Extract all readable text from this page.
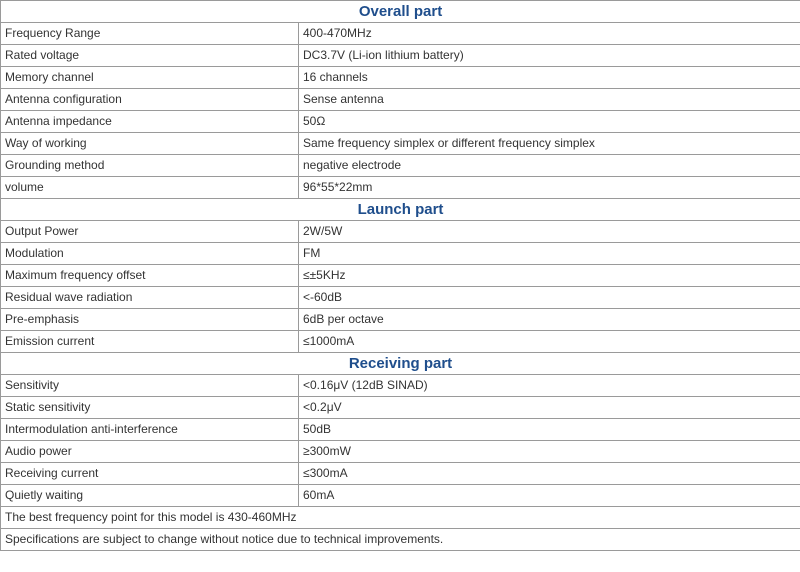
Overall part	
Frequency Range	400-470MHz
Rated voltage	DC3.7V (Li-ion lithium battery)
Memory channel	16 channels
Antenna configuration	Sense antenna
Antenna impedance	50Ω
Way of working	Same frequency simplex or different frequency simplex
Grounding method	negative electrode
volume	96*55*22mm
Launch part	
Output Power	2W/5W
Modulation	FM
Maximum frequency offset	≤±5KHz
Residual wave radiation	<-60dB
Pre-emphasis	6dB per octave
Emission current	≤1000mA
Receiving part	
Sensitivity	<0.16μV (12dB SINAD)
Static sensitivity	<0.2μV
Intermodulation anti-interference	50dB
Audio power	≥300mW
Receiving current	≤300mA
Quietly waiting	60mA
The best frequency point for this model is 430-460MHz	
Specifications are subject to change without notice due to technical improvements.	
